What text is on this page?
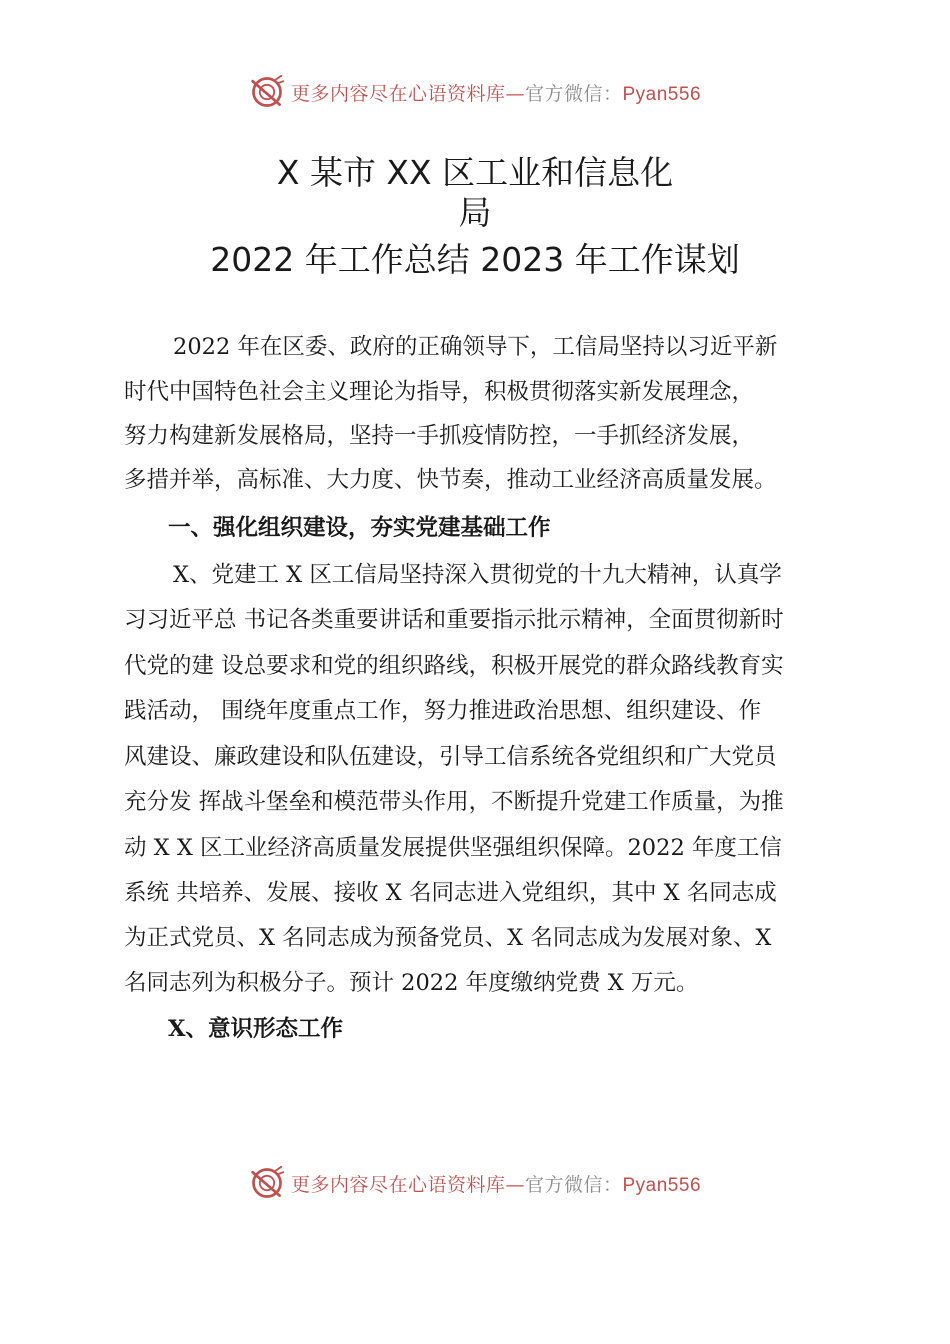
更多内容尽在心语资料库—官方微信：Pyan556
X 某市 XX 区工业和信息化
局
2022 年工作总结 2023 年工作谋划
2022 年在区委、政府的正确领导下，工信局坚持以习近平新
时代中国特色社会主义理论为指导，积极贯彻落实新发展理念，
努力构建新发展格局，坚持一手抓疫情防控，一手抓经济发展，
多措并举，高标准、大力度、快节奏，推动工业经济高质量发展。
一、强化组织建设，夯实党建基础工作
X、党建工 X 区工信局坚持深入贯彻党的十九大精神，认真学
习习近平总 书记各类重要讲话和重要指示批示精神，全面贯彻新时
代党的建 设总要求和党的组织路线，积极开展党的群众路线教育实
践活动， 围绕年度重点工作，努力推进政治思想、组织建设、作
风建设、廉政建设和队伍建设，引导工信系统各党组织和广大党员
充分发 挥战斗堡垒和模范带头作用，不断提升党建工作质量，为推
动 X X 区工业经济高质量发展提供坚强组织保障。2022 年度工信
系统 共培养、发展、接收 X 名同志进入党组织，其中 X 名同志成
为正式党员、X 名同志成为预备党员、X 名同志成为发展对象、X
名同志列为积极分子。预计 2022 年度缴纳党费 X 万元。
X、意识形态工作
更多内容尽在心语资料库—官方微信：Pyan556
